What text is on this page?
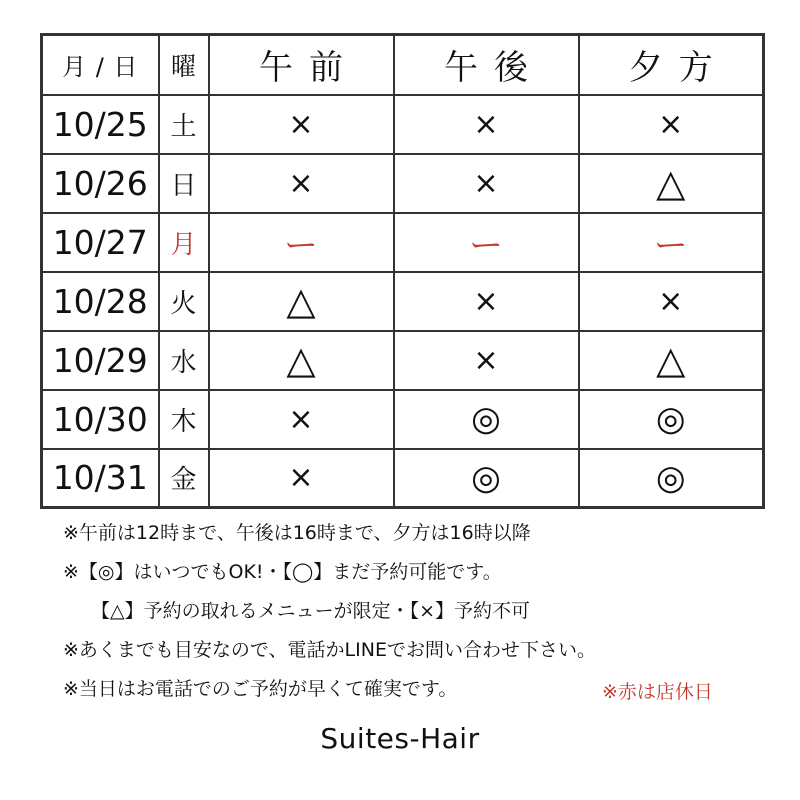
月 / 日	曜	午前	午後	夕方
10/25	土	×	×	×
10/26	日	×	×	△
10/27	月	ー	ー	ー
10/28	火	△	×	×
10/29	水	△	×	△
10/30	木	×	◎	◎
10/31	金	×	◎	◎
※午前は12時まで、午後は16時まで、夕方は16時以降
※【◎】はいつでもOK!・【◯】まだ予約可能です。
【△】予約の取れるメニューが限定・【×】予約不可
※あくまでも目安なので、電話かLINEでお問い合わせ下さい。
※当日はお電話でのご予約が早くて確実です。	※赤は店休日
Suites-Hair
